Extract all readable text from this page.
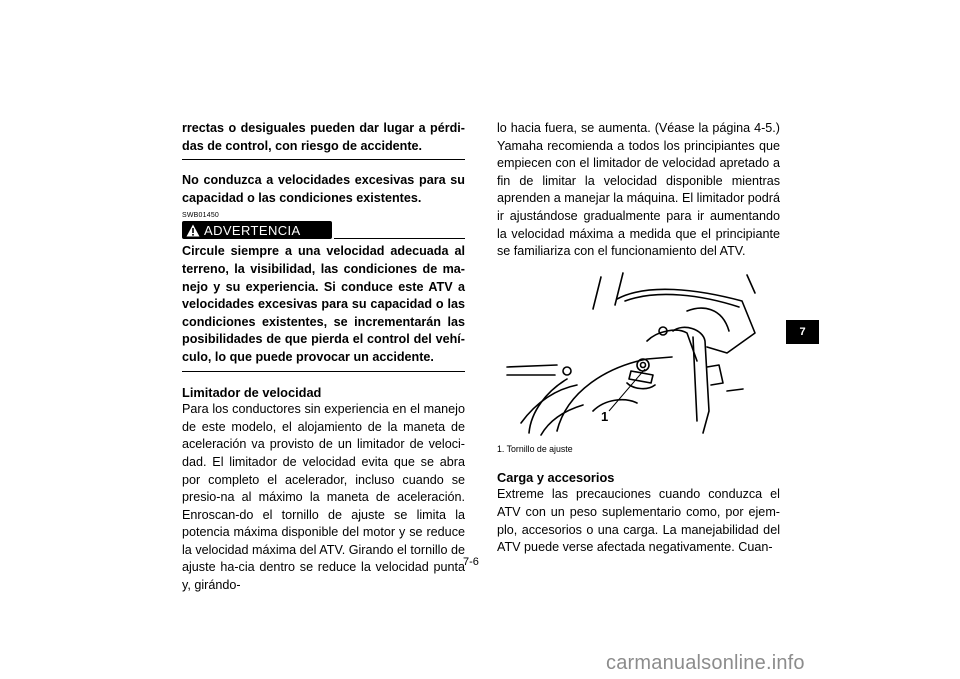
rrectas o desiguales pueden dar lugar a pérdi-das de control, con riesgo de accidente.

No conduzca a velocidades excesivas para su capacidad o las condiciones existentes.

SWB01450
ADVERTENCIA

Circule siempre a una velocidad adecuada al terreno, la visibilidad, las condiciones de ma-nejo y su experiencia. Si conduce este ATV a velocidades excesivas para su capacidad o las condiciones existentes, se incrementarán las posibilidades de que pierda el control del vehí-culo, lo que puede provocar un accidente.

Limitador de velocidad

Para los conductores sin experiencia en el manejo de este modelo, el alojamiento de la maneta de aceleración va provisto de un limitador de veloci-dad. El limitador de velocidad evita que se abra por completo el acelerador, incluso cuando se presio-na al máximo la maneta de aceleración. Enroscan-do el tornillo de ajuste se limita la potencia máxima disponible del motor y se reduce la velocidad máxima del ATV. Girando el tornillo de ajuste ha-cia dentro se reduce la velocidad punta y, girándo-

lo hacia fuera, se aumenta. (Véase la página 4-5.) Yamaha recomienda a todos los principiantes que empiecen con el limitador de velocidad apretado a fin de limitar la velocidad disponible mientras aprenden a manejar la máquina. El limitador podrá ir ajustándose gradualmente para ir aumentando la velocidad máxima a medida que el principiante se familiariza con el funcionamiento del ATV.

1

1. Tornillo de ajuste

Carga y accesorios

Extreme las precauciones cuando conduzca el ATV con un peso suplementario como, por ejem-plo, accesorios o una carga. La manejabilidad del ATV puede verse afectada negativamente. Cuan-

7-6
7
carmanualsonline.info
